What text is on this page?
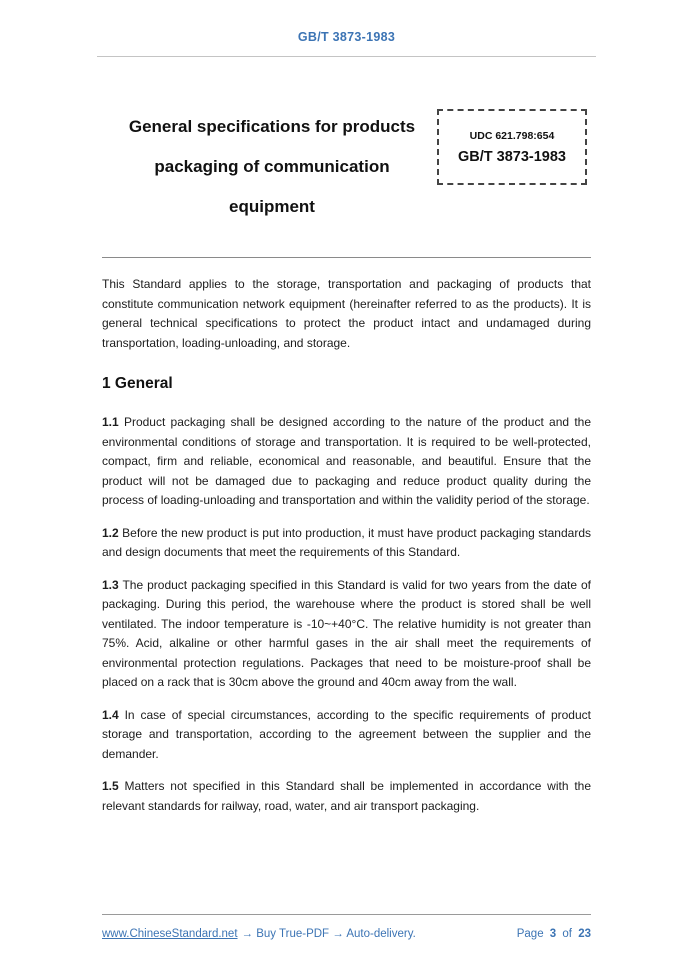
GB/T 3873-1983
General specifications for products
packaging of communication
equipment
UDC 621.798:654
GB/T 3873-1983

This Standard applies to the storage, transportation and packaging of products that constitute communication network equipment (hereinafter referred to as the products). It is general technical specifications to protect the product intact and undamaged during transportation, loading-unloading, and storage.

1 General

1.1 Product packaging shall be designed according to the nature of the product and the environmental conditions of storage and transportation. It is required to be well-protected, compact, firm and reliable, economical and reasonable, and beautiful. Ensure that the product will not be damaged due to packaging and reduce product quality during the process of loading-unloading and transportation and within the validity period of the storage.

1.2 Before the new product is put into production, it must have product packaging standards and design documents that meet the requirements of this Standard.

1.3 The product packaging specified in this Standard is valid for two years from the date of packaging. During this period, the warehouse where the product is stored shall be well ventilated. The indoor temperature is -10~+40°C. The relative humidity is not greater than 75%. Acid, alkaline or other harmful gases in the air shall meet the requirements of environmental protection regulations. Packages that need to be moisture-proof shall be placed on a rack that is 30cm above the ground and 40cm away from the wall.

1.4 In case of special circumstances, according to the specific requirements of product storage and transportation, according to the agreement between the supplier and the demander.

1.5 Matters not specified in this Standard shall be implemented in accordance with the relevant standards for railway, road, water, and air transport packaging.

www.ChineseStandard.net → Buy True-PDF → Auto-delivery.	Page 3 of 23
